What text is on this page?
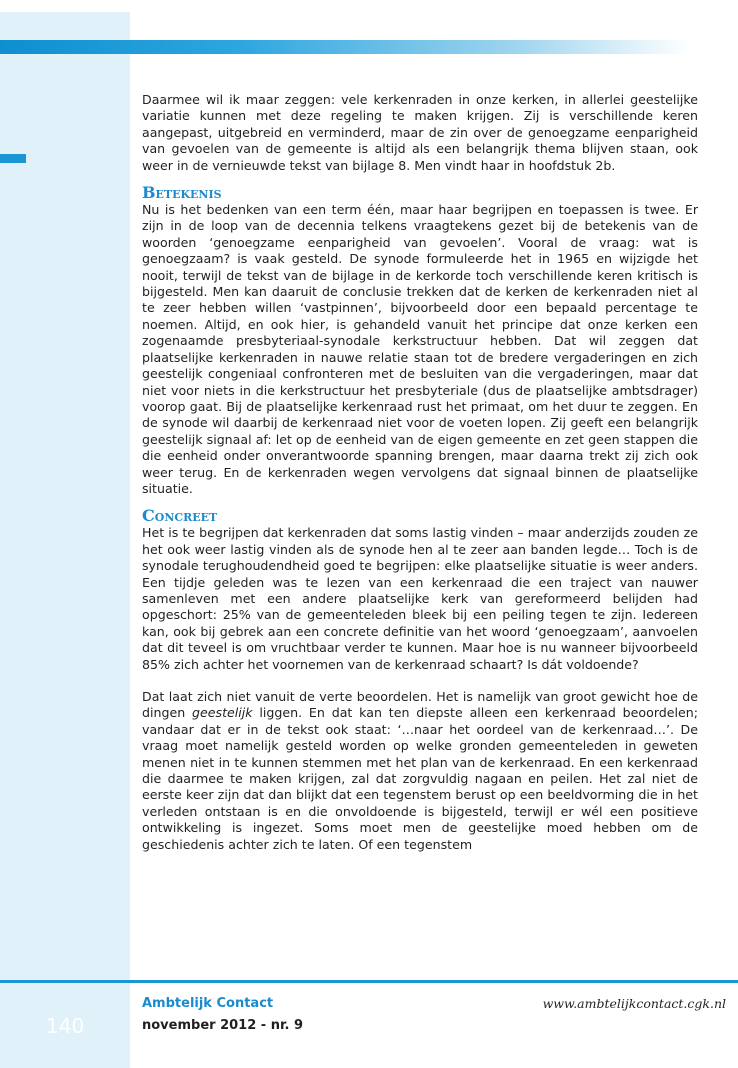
Daarmee wil ik maar zeggen: vele kerkenraden in onze kerken, in allerlei geestelijke variatie kunnen met deze regeling te maken krijgen. Zij is verschillende keren aangepast, uitgebreid en verminderd, maar de zin over de genoegzame eenparigheid van gevoelen van de gemeente is altijd als een belangrijk thema blijven staan, ook weer in de vernieuwde tekst van bijlage 8. Men vindt haar in hoofdstuk 2b.

Betekenis

Nu is het bedenken van een term één, maar haar begrijpen en toepassen is twee. Er zijn in de loop van de decennia telkens vraagtekens gezet bij de betekenis van de woorden ‘genoegzame eenparigheid van gevoelen’. Vooral de vraag: wat is genoegzaam? is vaak gesteld. De synode formuleerde het in 1965 en wijzigde het nooit, terwijl de tekst van de bijlage in de kerkorde toch verschillende keren kritisch is bijgesteld. Men kan daaruit de conclusie trekken dat de kerken de kerkenraden niet al te zeer hebben willen ‘vastpinnen’, bijvoorbeeld door een bepaald percentage te noemen. Altijd, en ook hier, is gehandeld vanuit het principe dat onze kerken een zogenaamde presbyteriaal-synodale kerkstructuur hebben. Dat wil zeggen dat plaatselijke kerkenraden in nauwe relatie staan tot de bredere vergaderingen en zich geestelijk congeniaal confronteren met de besluiten van die vergaderingen, maar dat niet voor niets in die kerkstructuur het presbyteriale (dus de plaatselijke ambtsdrager) voorop gaat. Bij de plaatselijke kerkenraad rust het primaat, om het duur te zeggen. En de synode wil daarbij de kerkenraad niet voor de voeten lopen. Zij geeft een belangrijk geestelijk signaal af: let op de eenheid van de eigen gemeente en zet geen stappen die die eenheid onder onverantwoorde spanning brengen, maar daarna trekt zij zich ook weer terug. En de kerkenraden wegen vervolgens dat signaal binnen de plaatselijke situatie.

Concreet

Het is te begrijpen dat kerkenraden dat soms lastig vinden – maar anderzijds zouden ze het ook weer lastig vinden als de synode hen al te zeer aan banden legde… Toch is de synodale terughoudendheid goed te begrijpen: elke plaatselijke situatie is weer anders. Een tijdje geleden was te lezen van een kerkenraad die een traject van nauwer samenleven met een andere plaatselijke kerk van gereformeerd belijden had opgeschort: 25% van de gemeenteleden bleek bij een peiling tegen te zijn. Iedereen kan, ook bij gebrek aan een concrete definitie van het woord ‘genoegzaam’, aanvoelen dat dit teveel is om vruchtbaar verder te kunnen. Maar hoe is nu wanneer bijvoorbeeld 85% zich achter het voornemen van de kerkenraad schaart? Is dát voldoende?

Dat laat zich niet vanuit de verte beoordelen. Het is namelijk van groot gewicht hoe de dingen geestelijk liggen. En dat kan ten diepste alleen een kerkenraad beoordelen; vandaar dat er in de tekst ook staat: ‘…naar het oordeel van de kerkenraad…’. De vraag moet namelijk gesteld worden op welke gronden gemeenteleden in geweten menen niet in te kunnen stemmen met het plan van de kerkenraad. En een kerkenraad die daarmee te maken krijgen, zal dat zorgvuldig nagaan en peilen. Het zal niet de eerste keer zijn dat dan blijkt dat een tegenstem berust op een beeldvorming die in het verleden ontstaan is en die onvoldoende is bijgesteld, terwijl er wél een positieve ontwikkeling is ingezet. Soms moet men de geestelijke moed hebben om de geschiedenis achter zich te laten. Of een tegenstem

Ambtelijk Contact
november 2012 - nr. 9
www.ambtelijkcontact.cgk.nl
140
